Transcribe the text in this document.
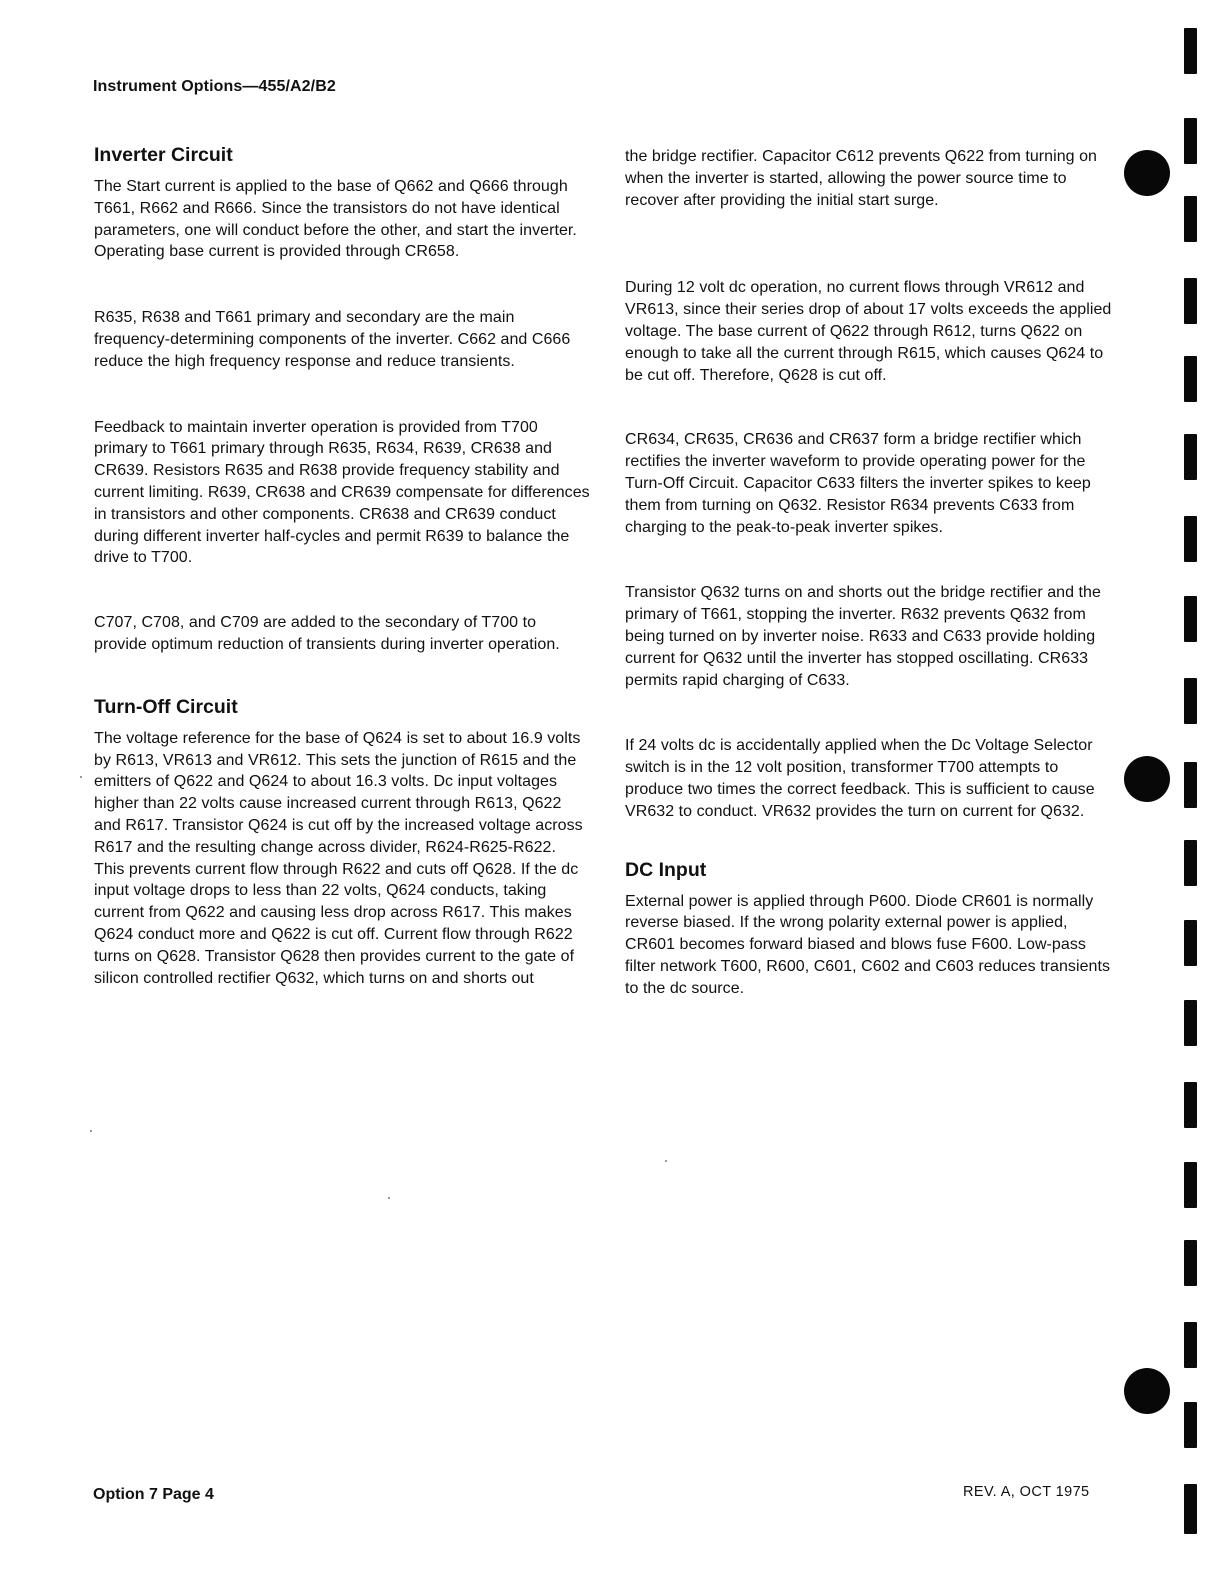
Instrument Options—455/A2/B2
Inverter Circuit

The Start current is applied to the base of Q662 and Q666 through T661, R662 and R666. Since the transistors do not have identical parameters, one will conduct before the other, and start the inverter. Operating base current is provided through CR658.

R635, R638 and T661 primary and secondary are the main frequency-determining components of the inverter. C662 and C666 reduce the high frequency response and reduce transients.

Feedback to maintain inverter operation is provided from T700 primary to T661 primary through R635, R634, R639, CR638 and CR639. Resistors R635 and R638 provide frequency stability and current limiting. R639, CR638 and CR639 compensate for differences in transistors and other components. CR638 and CR639 conduct during different inverter half-cycles and permit R639 to balance the drive to T700.

C707, C708, and C709 are added to the secondary of T700 to provide optimum reduction of transients during inverter operation.

Turn-Off Circuit

The voltage reference for the base of Q624 is set to about 16.9 volts by R613, VR613 and VR612. This sets the junction of R615 and the emitters of Q622 and Q624 to about 16.3 volts. Dc input voltages higher than 22 volts cause increased current through R613, Q622 and R617. Transistor Q624 is cut off by the increased voltage across R617 and the resulting change across divider, R624-R625-R622. This prevents current flow through R622 and cuts off Q628. If the dc input voltage drops to less than 22 volts, Q624 conducts, taking current from Q622 and causing less drop across R617. This makes Q624 conduct more and Q622 is cut off. Current flow through R622 turns on Q628. Transistor Q628 then provides current to the gate of silicon controlled rectifier Q632, which turns on and shorts out

the bridge rectifier. Capacitor C612 prevents Q622 from turning on when the inverter is started, allowing the power source time to recover after providing the initial start surge.

During 12 volt dc operation, no current flows through VR612 and VR613, since their series drop of about 17 volts exceeds the applied voltage. The base current of Q622 through R612, turns Q622 on enough to take all the current through R615, which causes Q624 to be cut off. Therefore, Q628 is cut off.

CR634, CR635, CR636 and CR637 form a bridge rectifier which rectifies the inverter waveform to provide operating power for the Turn-Off Circuit. Capacitor C633 filters the inverter spikes to keep them from turning on Q632. Resistor R634 prevents C633 from charging to the peak-to-peak inverter spikes.

Transistor Q632 turns on and shorts out the bridge rectifier and the primary of T661, stopping the inverter. R632 prevents Q632 from being turned on by inverter noise. R633 and C633 provide holding current for Q632 until the inverter has stopped oscillating. CR633 permits rapid charging of C633.

If 24 volts dc is accidentally applied when the Dc Voltage Selector switch is in the 12 volt position, transformer T700 attempts to produce two times the correct feedback. This is sufficient to cause VR632 to conduct. VR632 provides the turn on current for Q632.

DC Input

External power is applied through P600. Diode CR601 is normally reverse biased. If the wrong polarity external power is applied, CR601 becomes forward biased and blows fuse F600. Low-pass filter network T600, R600, C601, C602 and C603 reduces transients to the dc source.

Option 7 Page 4	REV. A, OCT 1975
